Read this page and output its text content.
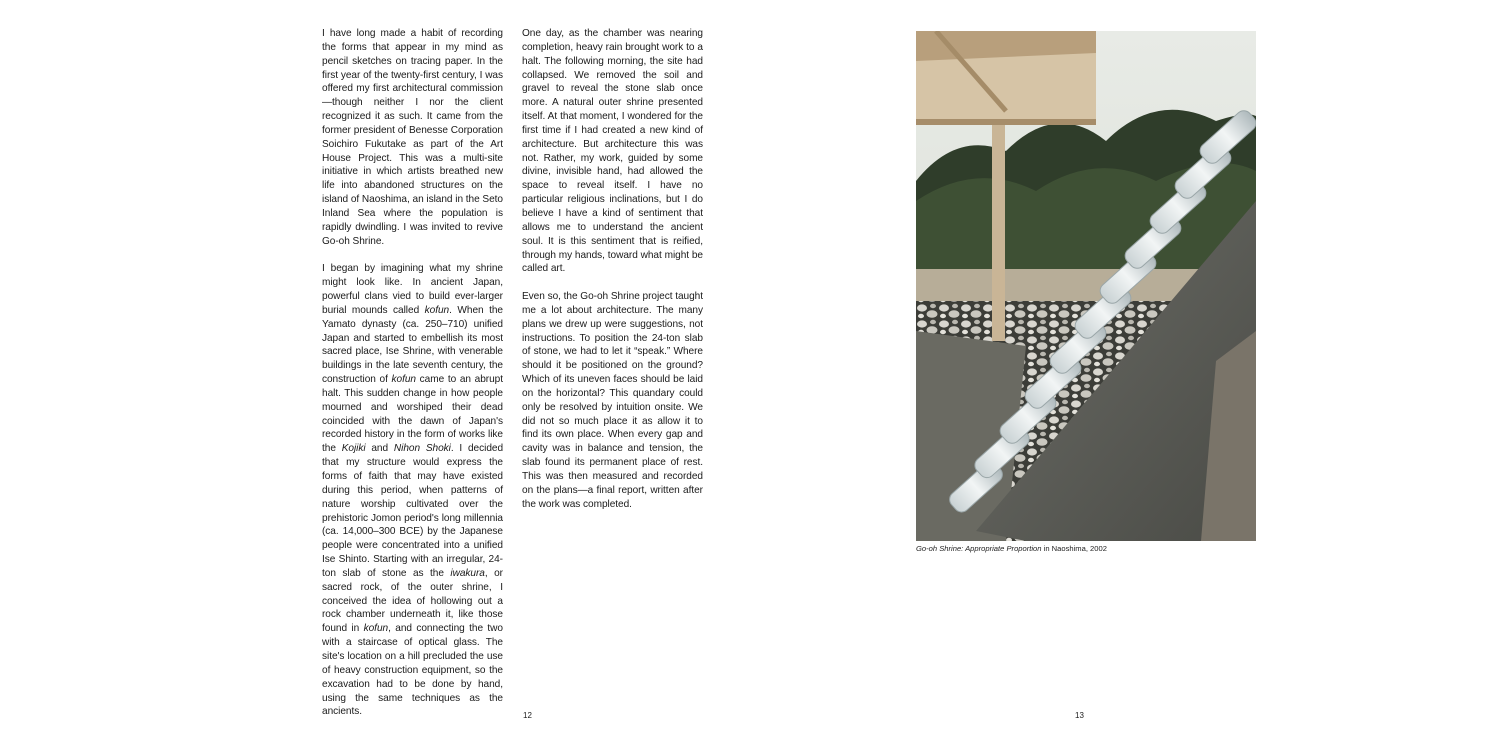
I have long made a habit of recording the forms that appear in my mind as pencil sketches on tracing paper. In the first year of the twenty-first century, I was offered my first architectural commission—though neither I nor the client recognized it as such. It came from the former president of Benesse Corporation Soichiro Fukutake as part of the Art House Project. This was a multi-site initiative in which artists breathed new life into abandoned structures on the island of Naoshima, an island in the Seto Inland Sea where the population is rapidly dwindling. I was invited to revive Go-oh Shrine.

I began by imagining what my shrine might look like. In ancient Japan, powerful clans vied to build ever-larger burial mounds called kofun. When the Yamato dynasty (ca. 250–710) unified Japan and started to embellish its most sacred place, Ise Shrine, with venerable buildings in the late seventh century, the construction of kofun came to an abrupt halt. This sudden change in how people mourned and worshiped their dead coincided with the dawn of Japan's recorded history in the form of works like the Kojiki and Nihon Shoki. I decided that my structure would express the forms of faith that may have existed during this period, when patterns of nature worship cultivated over the prehistoric Jomon period's long millennia (ca. 14,000–300 BCE) by the Japanese people were concentrated into a unified Ise Shinto. Starting with an irregular, 24-ton slab of stone as the iwakura, or sacred rock, of the outer shrine, I conceived the idea of hollowing out a rock chamber underneath it, like those found in kofun, and connecting the two with a staircase of optical glass. The site's location on a hill precluded the use of heavy construction equipment, so the excavation had to be done by hand, using the same techniques as the ancients.

One day, as the chamber was nearing completion, heavy rain brought work to a halt. The following morning, the site had collapsed. We removed the soil and gravel to reveal the stone slab once more. A natural outer shrine presented itself. At that moment, I wondered for the first time if I had created a new kind of architecture. But architecture this was not. Rather, my work, guided by some divine, invisible hand, had allowed the space to reveal itself. I have no particular religious inclinations, but I do believe I have a kind of sentiment that allows me to understand the ancient soul. It is this sentiment that is reified, through my hands, toward what might be called art.

Even so, the Go-oh Shrine project taught me a lot about architecture. The many plans we drew up were suggestions, not instructions. To position the 24-ton slab of stone, we had to let it “speak.” Where should it be positioned on the ground? Which of its uneven faces should be laid on the horizontal? This quandary could only be resolved by intuition onsite. We did not so much place it as allow it to find its own place. When every gap and cavity was in balance and tension, the slab found its permanent place of rest. This was then measured and recorded on the plans—a final report, written after the work was completed.

Go-oh Shrine: Appropriate Proportion in Naoshima, 2002
12	13
